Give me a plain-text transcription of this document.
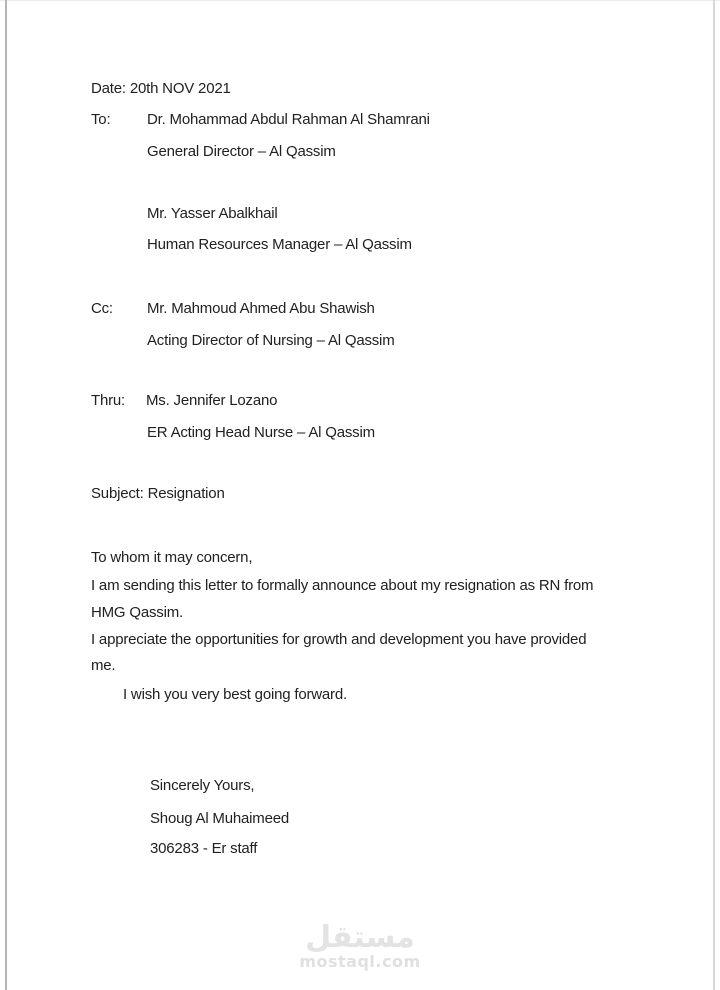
Date: 20th NOV 2021
To: Dr. Mohammad Abdul Rahman Al Shamrani
General Director – Al Qassim
Mr. Yasser Abalkhail
Human Resources Manager – Al Qassim
Cc: Mr. Mahmoud Ahmed Abu Shawish
Acting Director of Nursing – Al Qassim
Thru: Ms. Jennifer Lozano
ER Acting Head Nurse – Al Qassim
Subject: Resignation
To whom it may concern,
I am sending this letter to formally announce about my resignation as RN from
HMG Qassim.
I appreciate the opportunities for growth and development you have provided
me.
I wish you very best going forward.
Sincerely Yours,
Shoug Al Muhaimeed
306283 - Er staff
مستقل
mostaql.com
